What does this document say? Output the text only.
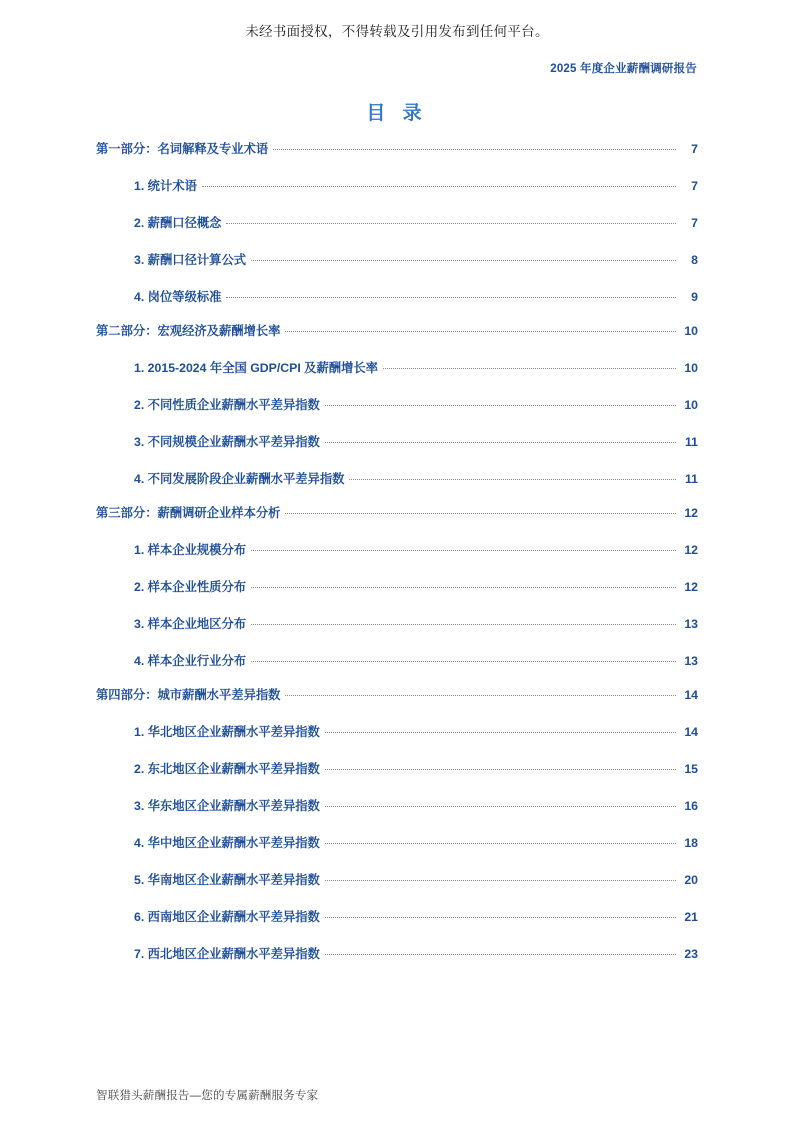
未经书面授权，不得转载及引用发布到任何平台。
2025 年度企业薪酬调研报告
目 录
第一部分：名词解释及专业术语	7
1. 统计术语	7
2. 薪酬口径概念	7
3. 薪酬口径计算公式	8
4. 岗位等级标准	9
第二部分：宏观经济及薪酬增长率	10
1. 2015-2024 年全国 GDP/CPI 及薪酬增长率	10
2. 不同性质企业薪酬水平差异指数	10
3. 不同规模企业薪酬水平差异指数	11
4. 不同发展阶段企业薪酬水平差异指数	11
第三部分：薪酬调研企业样本分析	12
1. 样本企业规模分布	12
2. 样本企业性质分布	12
3. 样本企业地区分布	13
4. 样本企业行业分布	13
第四部分：城市薪酬水平差异指数	14
1. 华北地区企业薪酬水平差异指数	14
2. 东北地区企业薪酬水平差异指数	15
3. 华东地区企业薪酬水平差异指数	16
4. 华中地区企业薪酬水平差异指数	18
5. 华南地区企业薪酬水平差异指数	20
6. 西南地区企业薪酬水平差异指数	21
7. 西北地区企业薪酬水平差异指数	23
智联猎头薪酬报告—您的专属薪酬服务专家
